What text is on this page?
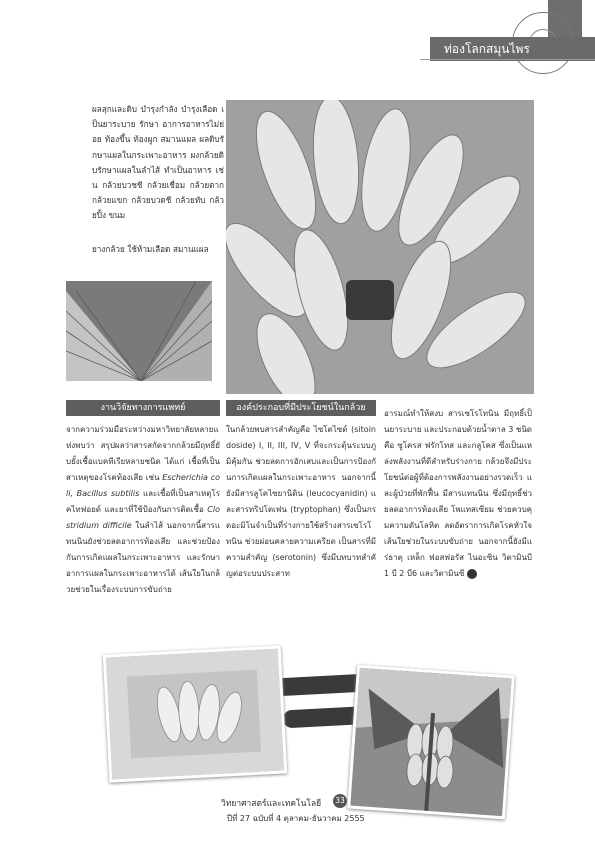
ท่องโลกสมุนไพร
ผลสุกและดิบ บำรุงกำลัง บำรุงเลือด เป็นยาระบาย รักษา อาการอาหารไม่ย่อย ท้องขึ้น ท้องผูก สมานแผล ผลดิบรักษาแผลในกระเพาะอาหาร ผงกล้วยดิบรักษาแผลในลำไส้ ทำเป็นอาหาร เช่น กล้วยบวชชี กล้วยเชื่อม กล้วยตาก กล้วยแขก กล้วยบวดชี กล้วยทับ กล้วยปิ้ง ขนม
ยางกล้วย ใช้ห้ามเลือด สมานแผล
งานวิจัยทางการแพทย์
จากความร่วมมือระหว่างมหาวิทยาลัยหลายแห่งพบว่า สรุปผลว่าสารสกัดจากกล้วยมีฤทธิ์ยับยั้งเชื้อแบคทีเรียหลายชนิด ได้แก่ เชื้อที่เป็นสาเหตุของโรคท้องเสีย เช่น Escherichia coli, Bacillus subtilis และเชื้อที่เป็นสาเหตุโรคไทฟอยด์ และยาที่ใช้ป้องกันการติดเชื้อ Clostridium difficile ในลำไส้ นอกจากนี้สารแทนนินยังช่วยลดอาการท้องเสีย และช่วยป้องกันการเกิดแผลในกระเพาะอาหาร และรักษาอาการแผลในกระเพาะอาหารได้ เส้นใยในกล้วยช่วยในเรื่องระบบการขับถ่าย
องค์ประกอบที่มีประโยชน์ในกล้วย
ในกล้วยพบสารสำคัญคือ ไซโตไซด์ (sitoindoside) I, II, III, IV, V ที่จะกระตุ้นระบบภูมิคุ้มกัน ช่วยลดการอักเสบและเป็นการป้องกันการเกิดแผลในกระเพาะอาหาร นอกจากนี้ยังมีสารลูโคไซยานิดิน (leucocyanidin) และสารทริปโตเฟน (tryptophan) ซึ่งเป็นกรดอะมิโนจำเป็นที่ร่างกายใช้สร้างสารเซโรโทนิน ช่วยผ่อนคลายความเครียด เป็นสารที่มีความสำคัญ (serotonin) ซึ่งมีบทบาทสำคัญต่อระบบประสาท
อารมณ์ทำให้สงบ สารเซโรโทนิน มีฤทธิ์เป็นยาระบาย และประกอบด้วยน้ำตาล 3 ชนิดคือ ซูโครส ฟรักโทส และกลูโคส ซึ่งเป็นแหล่งพลังงานที่ดีสำหรับร่างกาย กล้วยจึงมีประโยชน์ต่อผู้ที่ต้องการพลังงานอย่างรวดเร็ว และผู้ป่วยที่พักฟื้น มีสารแทนนิน ซึ่งมีฤทธิ์ช่วยลดอาการท้องเสีย โพแทสเซียม ช่วยควบคุมความดันโลหิต ลดอัตราการเกิดโรคหัวใจ เส้นใยช่วยในระบบขับถ่าย นอกจากนี้ยังมีแร่ธาตุ เหล็ก ฟอสฟอรัส ไนอะซิน วิตามินบี 1 บี 2 บี6 และวิตามินซี
วิทยาศาสตร์และเทคโนโลยี 33
ปีที่ 27 ฉบับที่ 4 ตุลาคม-ธันวาคม 2555
